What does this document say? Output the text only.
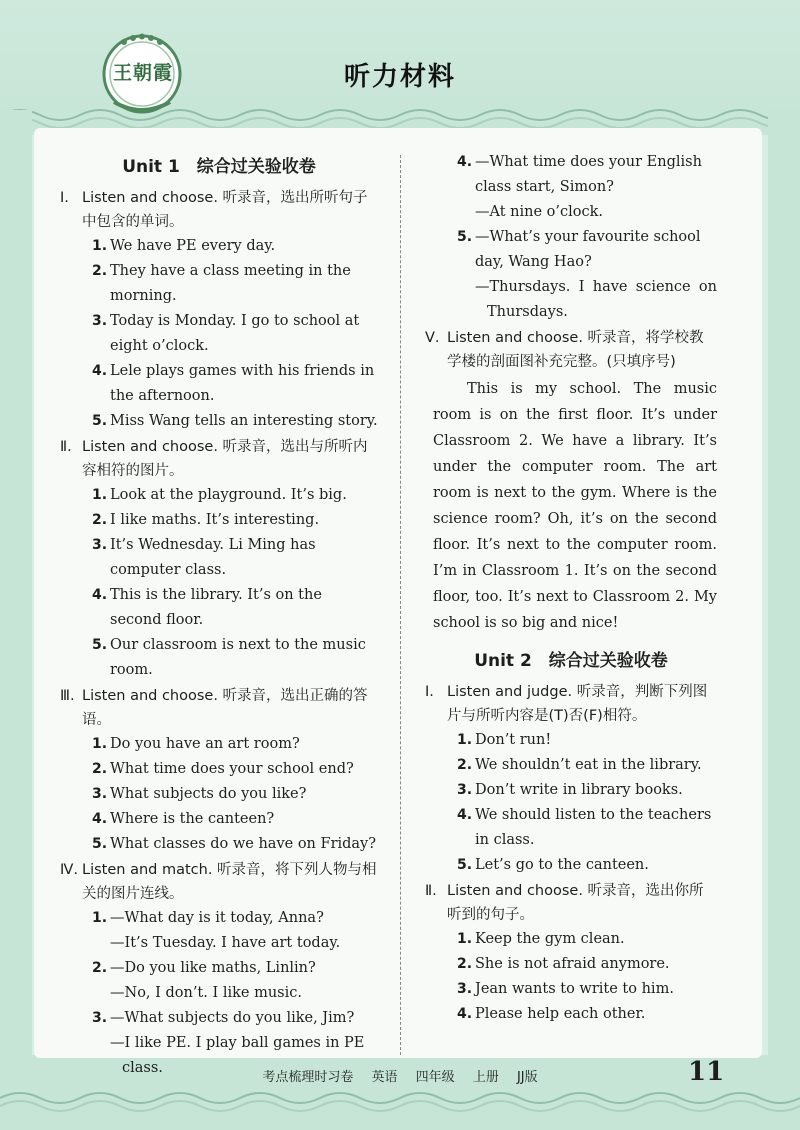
王朝霞	听力材料
Unit 1　综合过关验收卷
Ⅰ. Listen and choose. 听录音，选出所听句子中包含的单词。
1. We have PE every day.
2. They have a class meeting in the morning.
3. Today is Monday. I go to school at eight o’clock.
4. Lele plays games with his friends in the afternoon.
5. Miss Wang tells an interesting story.
Ⅱ. Listen and choose. 听录音，选出与所听内容相符的图片。
1. Look at the playground. It’s big.
2. I like maths. It’s interesting.
3. It’s Wednesday. Li Ming has computer class.
4. This is the library. It’s on the second floor.
5. Our classroom is next to the music room.
Ⅲ. Listen and choose. 听录音，选出正确的答语。
1. Do you have an art room?
2. What time does your school end?
3. What subjects do you like?
4. Where is the canteen?
5. What classes do we have on Friday?
Ⅳ. Listen and match. 听录音，将下列人物与相关的图片连线。
1. —What day is it today, Anna?
—It’s Tuesday. I have art today.
2. —Do you like maths, Linlin?
—No, I don’t. I like music.
3. —What subjects do you like, Jim?
—I like PE. I play ball games in PE class.
4. —What time does your English class start, Simon?
—At nine o’clock.
5. —What’s your favourite school day, Wang Hao?
—Thursdays. I have science on Thursdays.
Ⅴ. Listen and choose. 听录音，将学校教学楼的剖面图补充完整。(只填序号)
This is my school. The music room is on the first floor. It’s under Classroom 2. We have a library. It’s under the computer room. The art room is next to the gym. Where is the science room? Oh, it’s on the second floor. It’s next to the computer room. I’m in Classroom 1. It’s on the second floor, too. It’s next to Classroom 2. My school is so big and nice!
Unit 2　综合过关验收卷
Ⅰ. Listen and judge. 听录音，判断下列图片与所听内容是(T)否(F)相符。
1. Don’t run!
2. We shouldn’t eat in the library.
3. Don’t write in library books.
4. We should listen to the teachers in class.
5. Let’s go to the canteen.
Ⅱ. Listen and choose. 听录音，选出你所听到的句子。
1. Keep the gym clean.
2. She is not afraid anymore.
3. Jean wants to write to him.
4. Please help each other.
考点梳理时习卷 英语 四年级 上册 JJ版	11
